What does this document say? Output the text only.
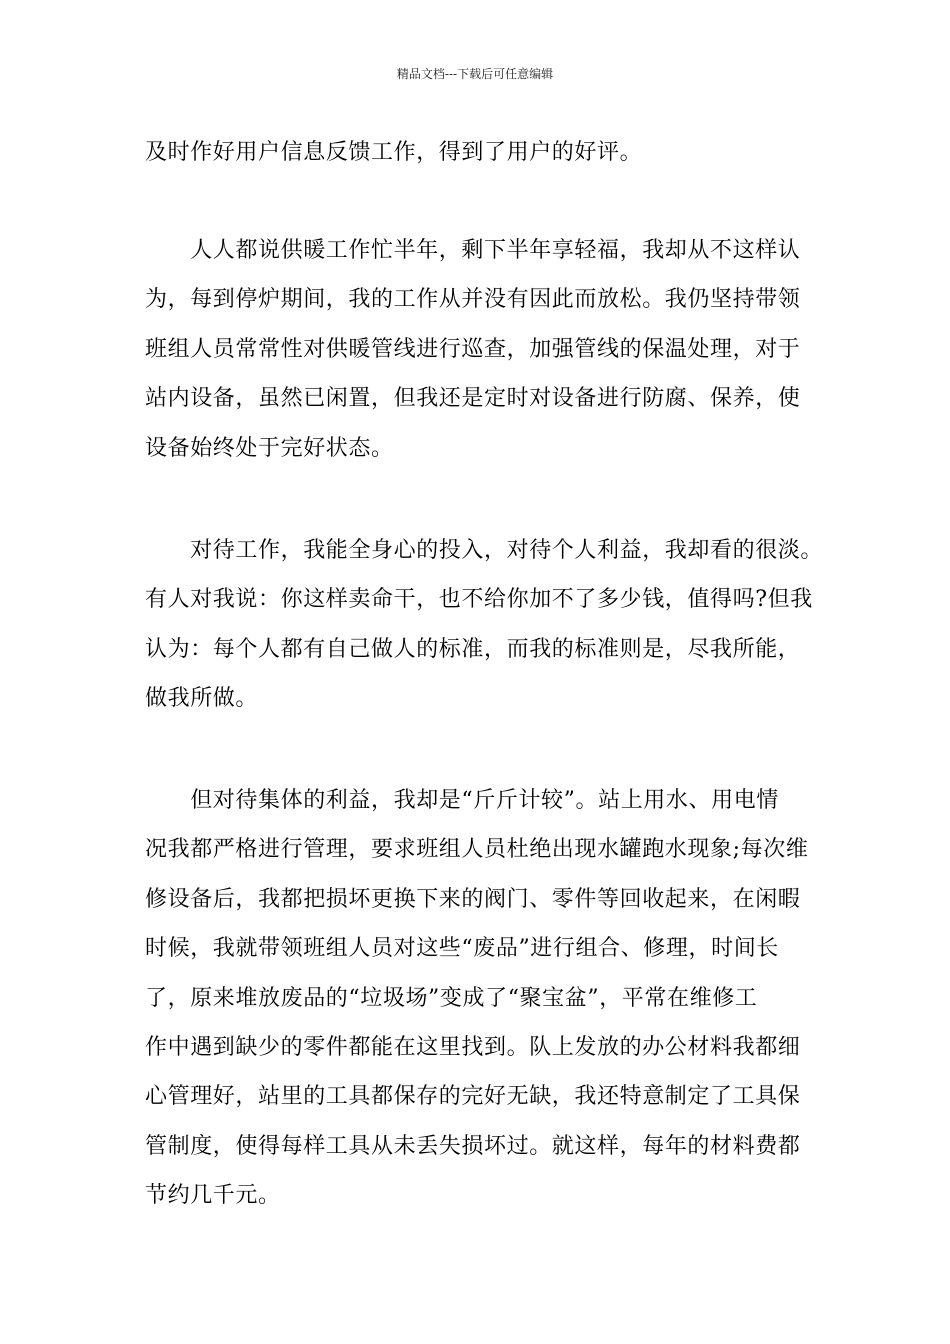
精品文档---下载后可任意编辑
及时作好用户信息反馈工作，得到了用户的好评。
　　人人都说供暖工作忙半年，剩下半年享轻福，我却从不这样认
为，每到停炉期间，我的工作从并没有因此而放松。我仍坚持带领
班组人员常常性对供暖管线进行巡查，加强管线的保温处理，对于
站内设备，虽然已闲置，但我还是定时对设备进行防腐、保养，使
设备始终处于完好状态。
　　对待工作，我能全身心的投入，对待个人利益，我却看的很淡。
有人对我说：你这样卖命干，也不给你加不了多少钱，值得吗?但我
认为：每个人都有自己做人的标准，而我的标准则是，尽我所能，
做我所做。
　　但对待集体的利益，我却是“斤斤计较”。站上用水、用电情
况我都严格进行管理，要求班组人员杜绝出现水罐跑水现象;每次维
修设备后，我都把损坏更换下来的阀门、零件等回收起来，在闲暇
时候，我就带领班组人员对这些“废品”进行组合、修理，时间长
了，原来堆放废品的“垃圾场”变成了“聚宝盆”，平常在维修工
作中遇到缺少的零件都能在这里找到。队上发放的办公材料我都细
心管理好，站里的工具都保存的完好无缺，我还特意制定了工具保
管制度，使得每样工具从未丢失损坏过。就这样，每年的材料费都
节约几千元。
